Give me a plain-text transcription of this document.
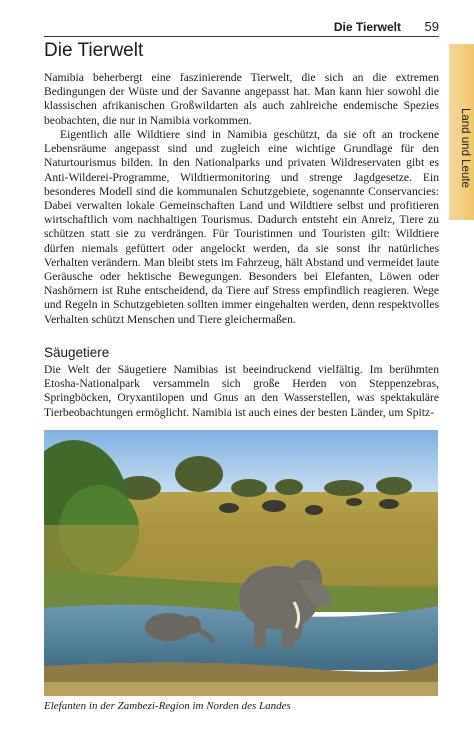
Die Tierwelt 59
Land und Leute
Die Tierwelt

Namibia beherbergt eine faszinierende Tierwelt, die sich an die extremen Bedingungen der Wüste und der Savanne angepasst hat. Man kann hier sowohl die klassischen afrikanischen Großwildarten als auch zahlreiche endemische Spezies beobachten, die nur in Namibia vorkommen.

Eigentlich alle Wildtiere sind in Namibia geschützt, da sie oft an trockene Lebensräume angepasst sind und zugleich eine wichtige Grundlage für den Naturtourismus bilden. In den Nationalparks und privaten Wildreservaten gibt es Anti-Wilderei-Programme, Wildtiermonitoring und strenge Jagdgesetze. Ein besonderes Modell sind die kommunalen Schutzgebiete, sogenannte Conservancies: Dabei verwalten lokale Gemeinschaften Land und Wildtiere selbst und profitieren wirtschaftlich vom nachhaltigen Tourismus. Dadurch entsteht ein Anreiz, Tiere zu schützen statt sie zu verdrängen. Für Touristinnen und Touristen gilt: Wildtiere dürfen niemals gefüttert oder angelockt werden, da sie sonst ihr natürliches Verhalten verändern. Man bleibt stets im Fahrzeug, hält Abstand und vermeidet laute Geräusche oder hektische Bewegungen. Besonders bei Elefanten, Löwen oder Nashörnern ist Ruhe entscheidend, da Tiere auf Stress empfindlich reagieren. Wege und Regeln in Schutzgebieten sollten immer eingehalten werden, denn respektvolles Verhalten schützt Menschen und Tiere gleichermaßen.

Säugetiere

Die Welt der Säugetiere Namibias ist beeindruckend vielfältig. Im berühmten Etosha-Nationalpark versammeln sich große Herden von Steppenzebras, Springböcken, Oryxantilopen und Gnus an den Wasserstellen, was spektakuläre Tierbeobachtungen ermöglicht. Namibia ist auch eines der besten Länder, um Spitz-

Elefanten in der Zambezi-Region im Norden des Landes
